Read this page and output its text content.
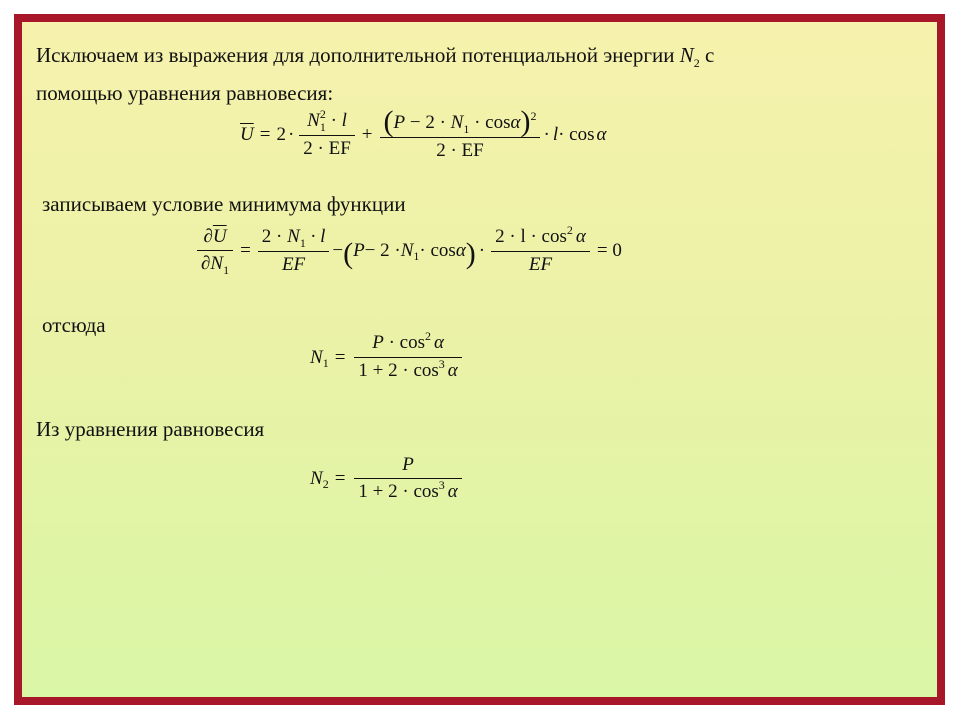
Исключаем из выражения для дополнительной потенциальной энергии $N_2$ с
помощью уравнения равновесия:
$\overline{U} = 2 \cdot \frac{N_1^2 \cdot l}{2 \cdot EF} + \frac{(P - 2 \cdot N_1 \cdot \cos\alpha)^2}{2 \cdot EF} \cdot l \cdot \cos \alpha$
записываем условие минимума функции
$\frac{\partial\overline{U}}{\partial N_1} = \frac{2 \cdot N_1 \cdot l}{EF}$ − ( P − 2 · N 1 · cos α ) · $\frac{2 \cdot l \cdot \cos^2 \alpha}{EF} = 0$
отсюда
N $1 = \frac{P \cdot \cos^2 \alpha}{1 + 2 \cdot \cos^3 \alpha}$
Из уравнения равновесия
N $2 = \frac{P}{1 + 2 \cdot \cos^3 \alpha}$
